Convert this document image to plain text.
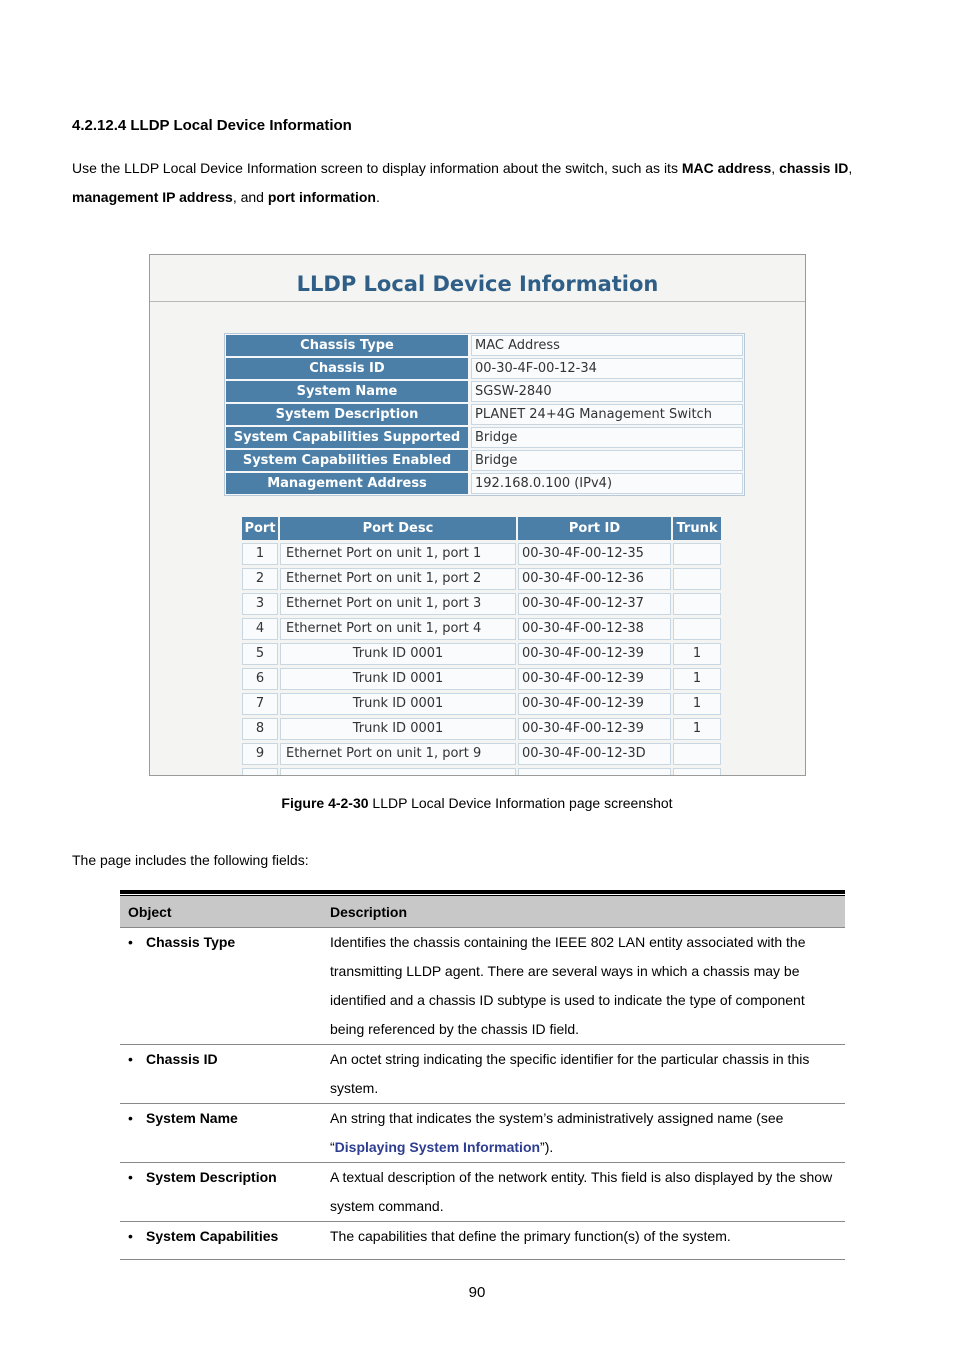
4.2.12.4 LLDP Local Device Information
Use the LLDP Local Device Information screen to display information about the switch, such as its MAC address, chassis ID,
management IP address, and port information.
LLDP Local Device Information
Chassis Type	MAC Address
Chassis ID	00-30-4F-00-12-34
System Name	SGSW-2840
System Description	PLANET 24+4G Management Switch
System Capabilities Supported	Bridge
System Capabilities Enabled	Bridge
Management Address	192.168.0.100 (IPv4)
Port	Port Desc	Port ID	Trunk
1	Ethernet Port on unit 1, port 1	00-30-4F-00-12-35
2	Ethernet Port on unit 1, port 2	00-30-4F-00-12-36
3	Ethernet Port on unit 1, port 3	00-30-4F-00-12-37
4	Ethernet Port on unit 1, port 4	00-30-4F-00-12-38
5	Trunk ID 0001	00-30-4F-00-12-39	1
6	Trunk ID 0001	00-30-4F-00-12-39	1
7	Trunk ID 0001	00-30-4F-00-12-39	1
8	Trunk ID 0001	00-30-4F-00-12-39	1
9	Ethernet Port on unit 1, port 9	00-30-4F-00-12-3D
Figure 4-2-30 LLDP Local Device Information page screenshot
The page includes the following fields:
Object	Description
• Chassis Type	Identifies the chassis containing the IEEE 802 LAN entity associated with the transmitting LLDP agent. There are several ways in which a chassis may be identified and a chassis ID subtype is used to indicate the type of component being referenced by the chassis ID field.
• Chassis ID	An octet string indicating the specific identifier for the particular chassis in this system.
• System Name	An string that indicates the system’s administratively assigned name (see “Displaying System Information”).
• System Description	A textual description of the network entity. This field is also displayed by the show system command.
• System Capabilities	The capabilities that define the primary function(s) of the system.
90
